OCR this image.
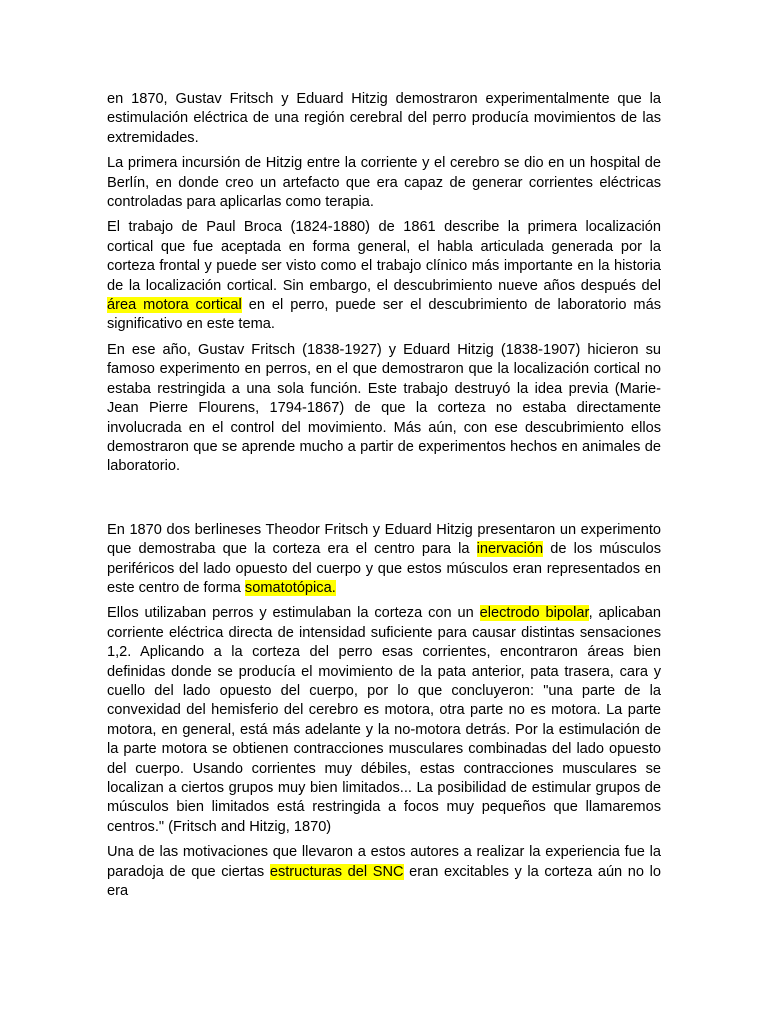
en 1870, Gustav Fritsch y Eduard Hitzig demostraron experimentalmente que la estimulación eléctrica de una región cerebral del perro producía movimientos de las extremidades.

La primera incursión de Hitzig entre la corriente y el cerebro se dio en un hospital de Berlín, en donde creo un artefacto que era capaz de generar corrientes eléctricas controladas para aplicarlas como terapia.

El trabajo de Paul Broca (1824-1880) de 1861 describe la primera localización cortical que fue aceptada en forma general, el habla articulada generada por la corteza frontal y puede ser visto como el trabajo clínico más importante en la historia de la localización cortical. Sin embargo, el descubrimiento nueve años después del área motora cortical en el perro, puede ser el descubrimiento de laboratorio más significativo en este tema.

En ese año, Gustav Fritsch (1838-1927) y Eduard Hitzig (1838-1907) hicieron su famoso experimento en perros, en el que demostraron que la localización cortical no estaba restringida a una sola función. Este trabajo destruyó la idea previa (Marie-Jean Pierre Flourens, 1794-1867) de que la corteza no estaba directamente involucrada en el control del movimiento. Más aún, con ese descubrimiento ellos demostraron que se aprende mucho a partir de experimentos hechos en animales de laboratorio.

En 1870 dos berlineses Theodor Fritsch y Eduard Hitzig presentaron un experimento que demostraba que la corteza era el centro para la inervación de los músculos periféricos del lado opuesto del cuerpo y que estos músculos eran representados en este centro de forma somatotópica.

Ellos utilizaban perros y estimulaban la corteza con un electrodo bipolar, aplicaban corriente eléctrica directa de intensidad suficiente para causar distintas sensaciones 1,2. Aplicando a la corteza del perro esas corrientes, encontraron áreas bien definidas donde se producía el movimiento de la pata anterior, pata trasera, cara y cuello del lado opuesto del cuerpo, por lo que concluyeron: "una parte de la convexidad del hemisferio del cerebro es motora, otra parte no es motora. La parte motora, en general, está más adelante y la no-motora detrás. Por la estimulación de la parte motora se obtienen contracciones musculares combinadas del lado opuesto del cuerpo. Usando corrientes muy débiles, estas contracciones musculares se localizan a ciertos grupos muy bien limitados... La posibilidad de estimular grupos de músculos bien limitados está restringida a focos muy pequeños que llamaremos centros." (Fritsch and Hitzig, 1870)

Una de las motivaciones que llevaron a estos autores a realizar la experiencia fue la paradoja de que ciertas estructuras del SNC eran excitables y la corteza aún no lo era
